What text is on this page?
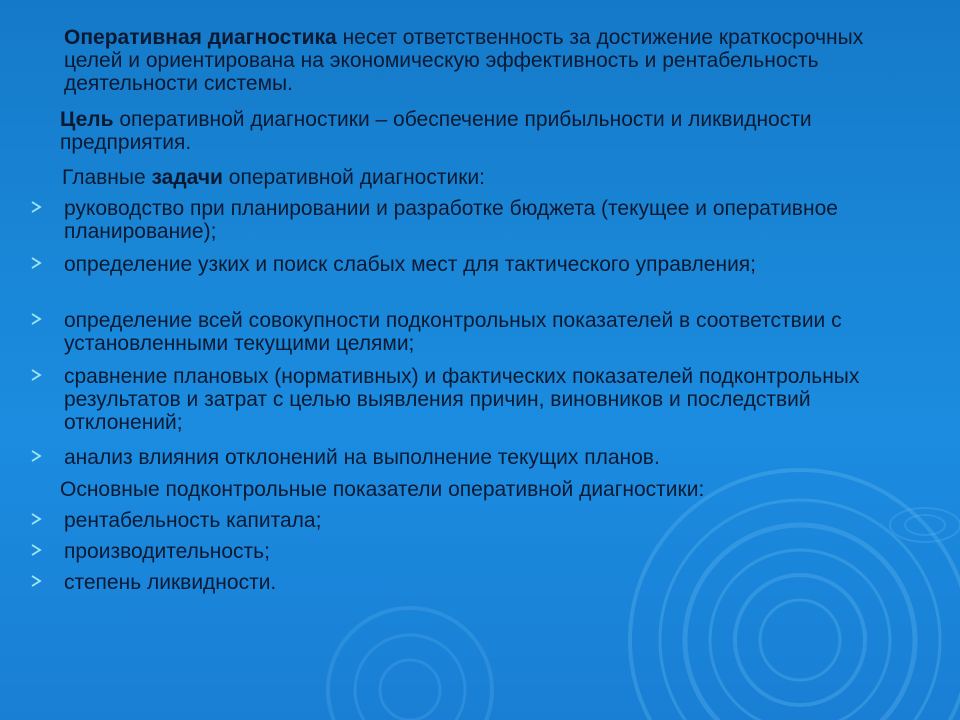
Оперативная диагностика несет ответственность за достижение краткосрочных целей и ориентирована на экономическую эффективность и рентабельность деятельности системы.
Цель оперативной диагностики – обеспечение прибыльности и ликвидности предприятия.
Главные задачи оперативной диагностики:
руководство при планировании и разработке бюджета (текущее и оперативное планирование);
определение узких и поиск слабых мест для тактического управления;
определение всей совокупности подконтрольных показателей в соответствии с установленными текущими целями;
сравнение плановых (нормативных) и фактических показателей подконтрольных результатов и затрат с целью выявления причин, виновников и последствий отклонений;
анализ влияния отклонений на выполнение текущих планов.
Основные подконтрольные показатели оперативной диагностики:
рентабельность капитала;
производительность;
степень ликвидности.
